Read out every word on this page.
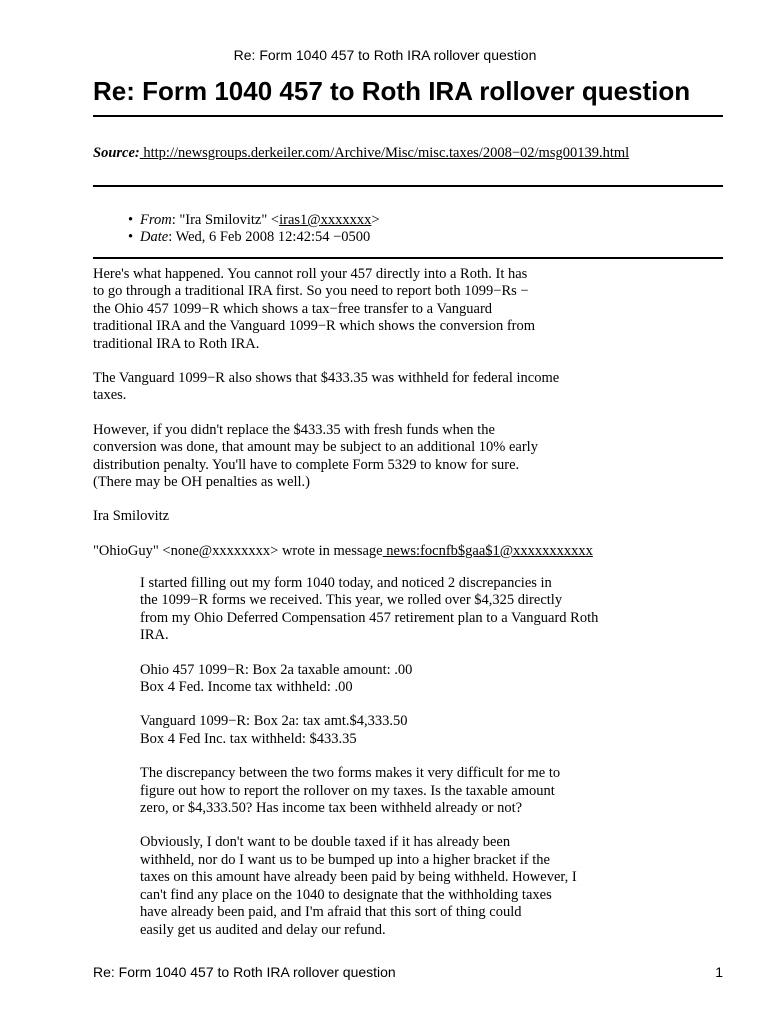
Re: Form 1040 457 to Roth IRA rollover question
Re: Form 1040 457 to Roth IRA rollover question
Source: http://newsgroups.derkeiler.com/Archive/Misc/misc.taxes/2008−02/msg00139.html
• From: "Ira Smilovitz" <iras1@xxxxxxx>
• Date: Wed, 6 Feb 2008 12:42:54 −0500

Here's what happened. You cannot roll your 457 directly into a Roth. It has
to go through a traditional IRA first. So you need to report both 1099−Rs −
the Ohio 457 1099−R which shows a tax−free transfer to a Vanguard
traditional IRA and the Vanguard 1099−R which shows the conversion from
traditional IRA to Roth IRA.

The Vanguard 1099−R also shows that $433.35 was withheld for federal income
taxes.

However, if you didn't replace the $433.35 with fresh funds when the
conversion was done, that amount may be subject to an additional 10% early
distribution penalty. You'll have to complete Form 5329 to know for sure.
(There may be OH penalties as well.)

Ira Smilovitz

"OhioGuy" <none@xxxxxxxx> wrote in message news:focnfb$gaa$1@xxxxxxxxxxx

I started filling out my form 1040 today, and noticed 2 discrepancies in
the 1099−R forms we received. This year, we rolled over $4,325 directly
from my Ohio Deferred Compensation 457 retirement plan to a Vanguard Roth
IRA.

Ohio 457 1099−R: Box 2a taxable amount: .00
Box 4 Fed. Income tax withheld: .00

Vanguard 1099−R: Box 2a: tax amt.$4,333.50
Box 4 Fed Inc. tax withheld: $433.35

The discrepancy between the two forms makes it very difficult for me to
figure out how to report the rollover on my taxes. Is the taxable amount
zero, or $4,333.50? Has income tax been withheld already or not?

Obviously, I don't want to be double taxed if it has already been
withheld, nor do I want us to be bumped up into a higher bracket if the
taxes on this amount have already been paid by being withheld. However, I
can't find any place on the 1040 to designate that the withholding taxes
have already been paid, and I'm afraid that this sort of thing could
easily get us audited and delay our refund.

Re: Form 1040 457 to Roth IRA rollover question	1
